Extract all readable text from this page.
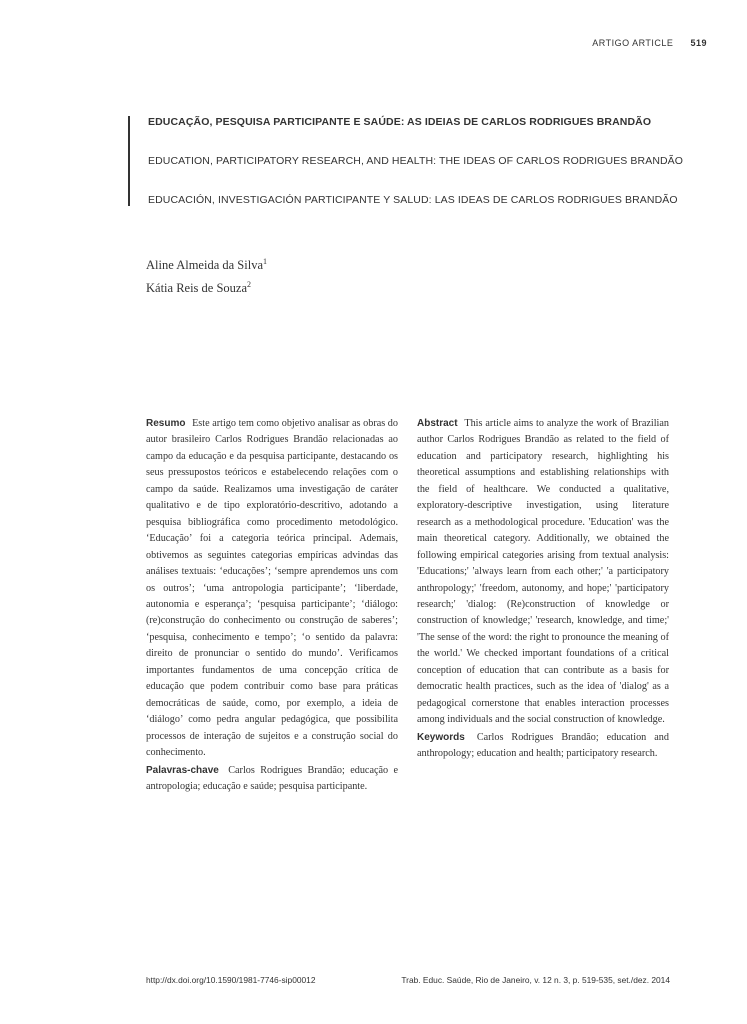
ARTIGO ARTICLE 519
EDUCAÇÃO, PESQUISA PARTICIPANTE E SAÚDE: AS IDEIAS DE CARLOS RODRIGUES BRANDÃO
EDUCATION, PARTICIPATORY RESEARCH, AND HEALTH: THE IDEAS OF CARLOS RODRIGUES BRANDÃO
EDUCACIÓN, INVESTIGACIÓN PARTICIPANTE Y SALUD: LAS IDEAS DE CARLOS RODRIGUES BRANDÃO
Aline Almeida da Silva$^1$
Kátia Reis de Souza$^2$
Resumo Este artigo tem como objetivo analisar as obras do autor brasileiro Carlos Rodrigues Brandão relacionadas ao campo da educação e da pesquisa participante, destacando os seus pressupostos teóricos e estabelecendo relações com o campo da saúde. Realizamos uma investigação de caráter qualitativo e de tipo exploratório-descritivo, adotando a pesquisa bibliográfica como procedimento metodológico. ‘Educação’ foi a categoria teórica principal. Ademais, obtivemos as seguintes categorias empíricas advindas das análises textuais: ‘educações’; ‘sempre aprendemos uns com os outros’; ‘uma antropologia participante’; ‘liberdade, autonomia e esperança’; ‘pesquisa participante’; ‘diálogo: (re)construção do conhecimento ou construção de saberes’; ‘pesquisa, conhecimento e tempo’; ‘o sentido da palavra: direito de pronunciar o sentido do mundo’. Verificamos importantes fundamentos de uma concepção crítica de educação que podem contribuir como base para práticas democráticas de saúde, como, por exemplo, a ideia de ‘diálogo’ como pedra angular pedagógica, que possibilita processos de interação de sujeitos e a construção social do conhecimento.
Palavras-chave Carlos Rodrigues Brandão; educação e antropologia; educação e saúde; pesquisa participante.
Abstract This article aims to analyze the work of Brazilian author Carlos Rodrigues Brandão as related to the field of education and participatory research, highlighting his theoretical assumptions and establishing relationships with the field of healthcare. We conducted a qualitative, exploratory-descriptive investigation, using literature research as a methodological procedure. 'Education' was the main theoretical category. Additionally, we obtained the following empirical categories arising from textual analysis: 'Educations;' 'always learn from each other;' 'a participatory anthropology;' 'freedom, autonomy, and hope;' 'participatory research;' 'dialog: (Re)construction of knowledge or construction of knowledge;' 'research, knowledge, and time;' 'The sense of the word: the right to pronounce the meaning of the world.' We checked important foundations of a critical conception of education that can contribute as a basis for democratic health practices, such as the idea of 'dialog' as a pedagogical cornerstone that enables interaction processes among individuals and the social construction of knowledge.
Keywords Carlos Rodrigues Brandão; education and anthropology; education and health; participatory research.
http://dx.doi.org/10.1590/1981-7746-sip00012	Trab. Educ. Saúde, Rio de Janeiro, v. 12 n. 3, p. 519-535, set./dez. 2014
